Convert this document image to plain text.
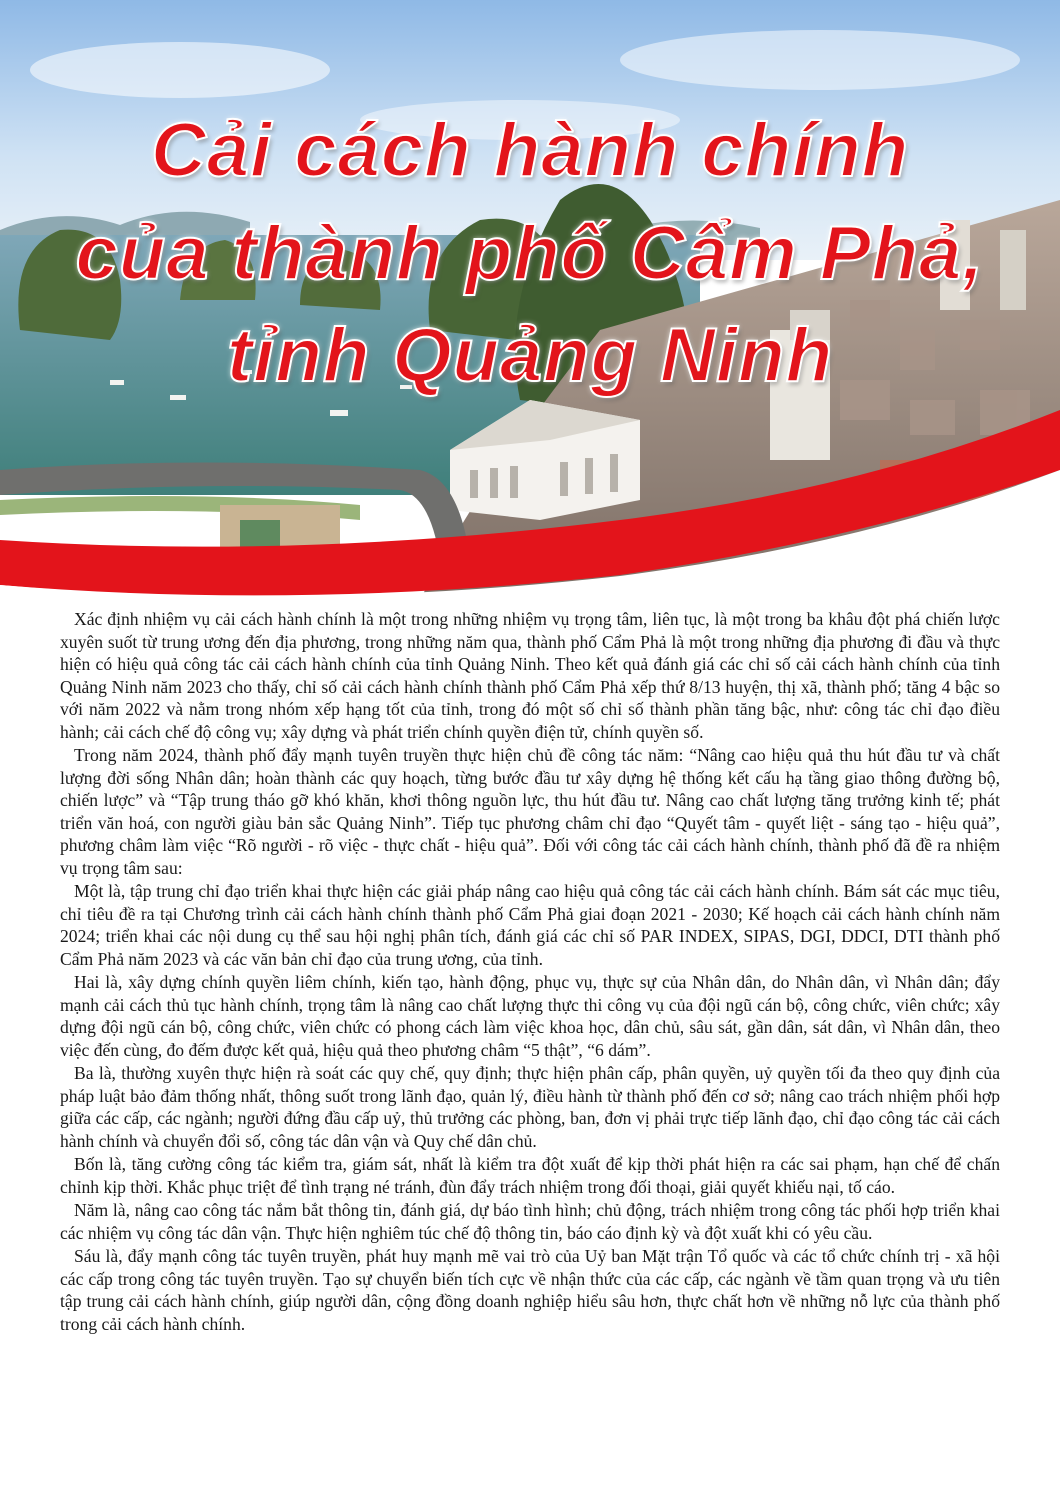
Cải cách hành chính
của thành phố Cẩm Phả,
tỉnh Quảng Ninh

Xác định nhiệm vụ cải cách hành chính là một trong những nhiệm vụ trọng tâm, liên tục, là một trong ba khâu đột phá chiến lược xuyên suốt từ trung ương đến địa phương, trong những năm qua, thành phố Cẩm Phả là một trong những địa phương đi đầu và thực hiện có hiệu quả công tác cải cách hành chính của tỉnh Quảng Ninh. Theo kết quả đánh giá các chỉ số cải cách hành chính của tỉnh Quảng Ninh năm 2023 cho thấy, chỉ số cải cách hành chính thành phố Cẩm Phả xếp thứ 8/13 huyện, thị xã, thành phố; tăng 4 bậc so với năm 2022 và nằm trong nhóm xếp hạng tốt của tỉnh, trong đó một số chỉ số thành phần tăng bậc, như: công tác chỉ đạo điều hành; cải cách chế độ công vụ; xây dựng và phát triển chính quyền điện tử, chính quyền số.

Trong năm 2024, thành phố đẩy mạnh tuyên truyền thực hiện chủ đề công tác năm: “Nâng cao hiệu quả thu hút đầu tư và chất lượng đời sống Nhân dân; hoàn thành các quy hoạch, từng bước đầu tư xây dựng hệ thống kết cấu hạ tầng giao thông đường bộ, chiến lược” và “Tập trung tháo gỡ khó khăn, khơi thông nguồn lực, thu hút đầu tư. Nâng cao chất lượng tăng trưởng kinh tế; phát triển văn hoá, con người giàu bản sắc Quảng Ninh”. Tiếp tục phương châm chỉ đạo “Quyết tâm - quyết liệt - sáng tạo - hiệu quả”, phương châm làm việc “Rõ người - rõ việc - thực chất - hiệu quả”. Đối với công tác cải cách hành chính, thành phố đã đề ra nhiệm vụ trọng tâm sau:

Một là, tập trung chỉ đạo triển khai thực hiện các giải pháp nâng cao hiệu quả công tác cải cách hành chính. Bám sát các mục tiêu, chỉ tiêu đề ra tại Chương trình cải cách hành chính thành phố Cẩm Phả giai đoạn 2021 - 2030; Kế hoạch cải cách hành chính năm 2024; triển khai các nội dung cụ thể sau hội nghị phân tích, đánh giá các chỉ số PAR INDEX, SIPAS, DGI, DDCI, DTI thành phố Cẩm Phả năm 2023 và các văn bản chỉ đạo của trung ương, của tỉnh.

Hai là, xây dựng chính quyền liêm chính, kiến tạo, hành động, phục vụ, thực sự của Nhân dân, do Nhân dân, vì Nhân dân; đẩy mạnh cải cách thủ tục hành chính, trọng tâm là nâng cao chất lượng thực thi công vụ của đội ngũ cán bộ, công chức, viên chức; xây dựng đội ngũ cán bộ, công chức, viên chức có phong cách làm việc khoa học, dân chủ, sâu sát, gần dân, sát dân, vì Nhân dân, theo việc đến cùng, đo đếm được kết quả, hiệu quả theo phương châm “5 thật”, “6 dám”.

Ba là, thường xuyên thực hiện rà soát các quy chế, quy định; thực hiện phân cấp, phân quyền, uỷ quyền tối đa theo quy định của pháp luật bảo đảm thống nhất, thông suốt trong lãnh đạo, quản lý, điều hành từ thành phố đến cơ sở; nâng cao trách nhiệm phối hợp giữa các cấp, các ngành; người đứng đầu cấp uỷ, thủ trưởng các phòng, ban, đơn vị phải trực tiếp lãnh đạo, chỉ đạo công tác cải cách hành chính và chuyển đổi số, công tác dân vận và Quy chế dân chủ.

Bốn là, tăng cường công tác kiểm tra, giám sát, nhất là kiểm tra đột xuất để kịp thời phát hiện ra các sai phạm, hạn chế để chấn chỉnh kịp thời. Khắc phục triệt để tình trạng né tránh, đùn đẩy trách nhiệm trong đối thoại, giải quyết khiếu nại, tố cáo.

Năm là, nâng cao công tác nắm bắt thông tin, đánh giá, dự báo tình hình; chủ động, trách nhiệm trong công tác phối hợp triển khai các nhiệm vụ công tác dân vận. Thực hiện nghiêm túc chế độ thông tin, báo cáo định kỳ và đột xuất khi có yêu cầu.

Sáu là, đẩy mạnh công tác tuyên truyền, phát huy mạnh mẽ vai trò của Uỷ ban Mặt trận Tổ quốc và các tổ chức chính trị - xã hội các cấp trong công tác tuyên truyền. Tạo sự chuyển biến tích cực về nhận thức của các cấp, các ngành về tầm quan trọng và ưu tiên tập trung cải cách hành chính, giúp người dân, cộng đồng doanh nghiệp hiểu sâu hơn, thực chất hơn về những nỗ lực của thành phố trong cải cách hành chính.
